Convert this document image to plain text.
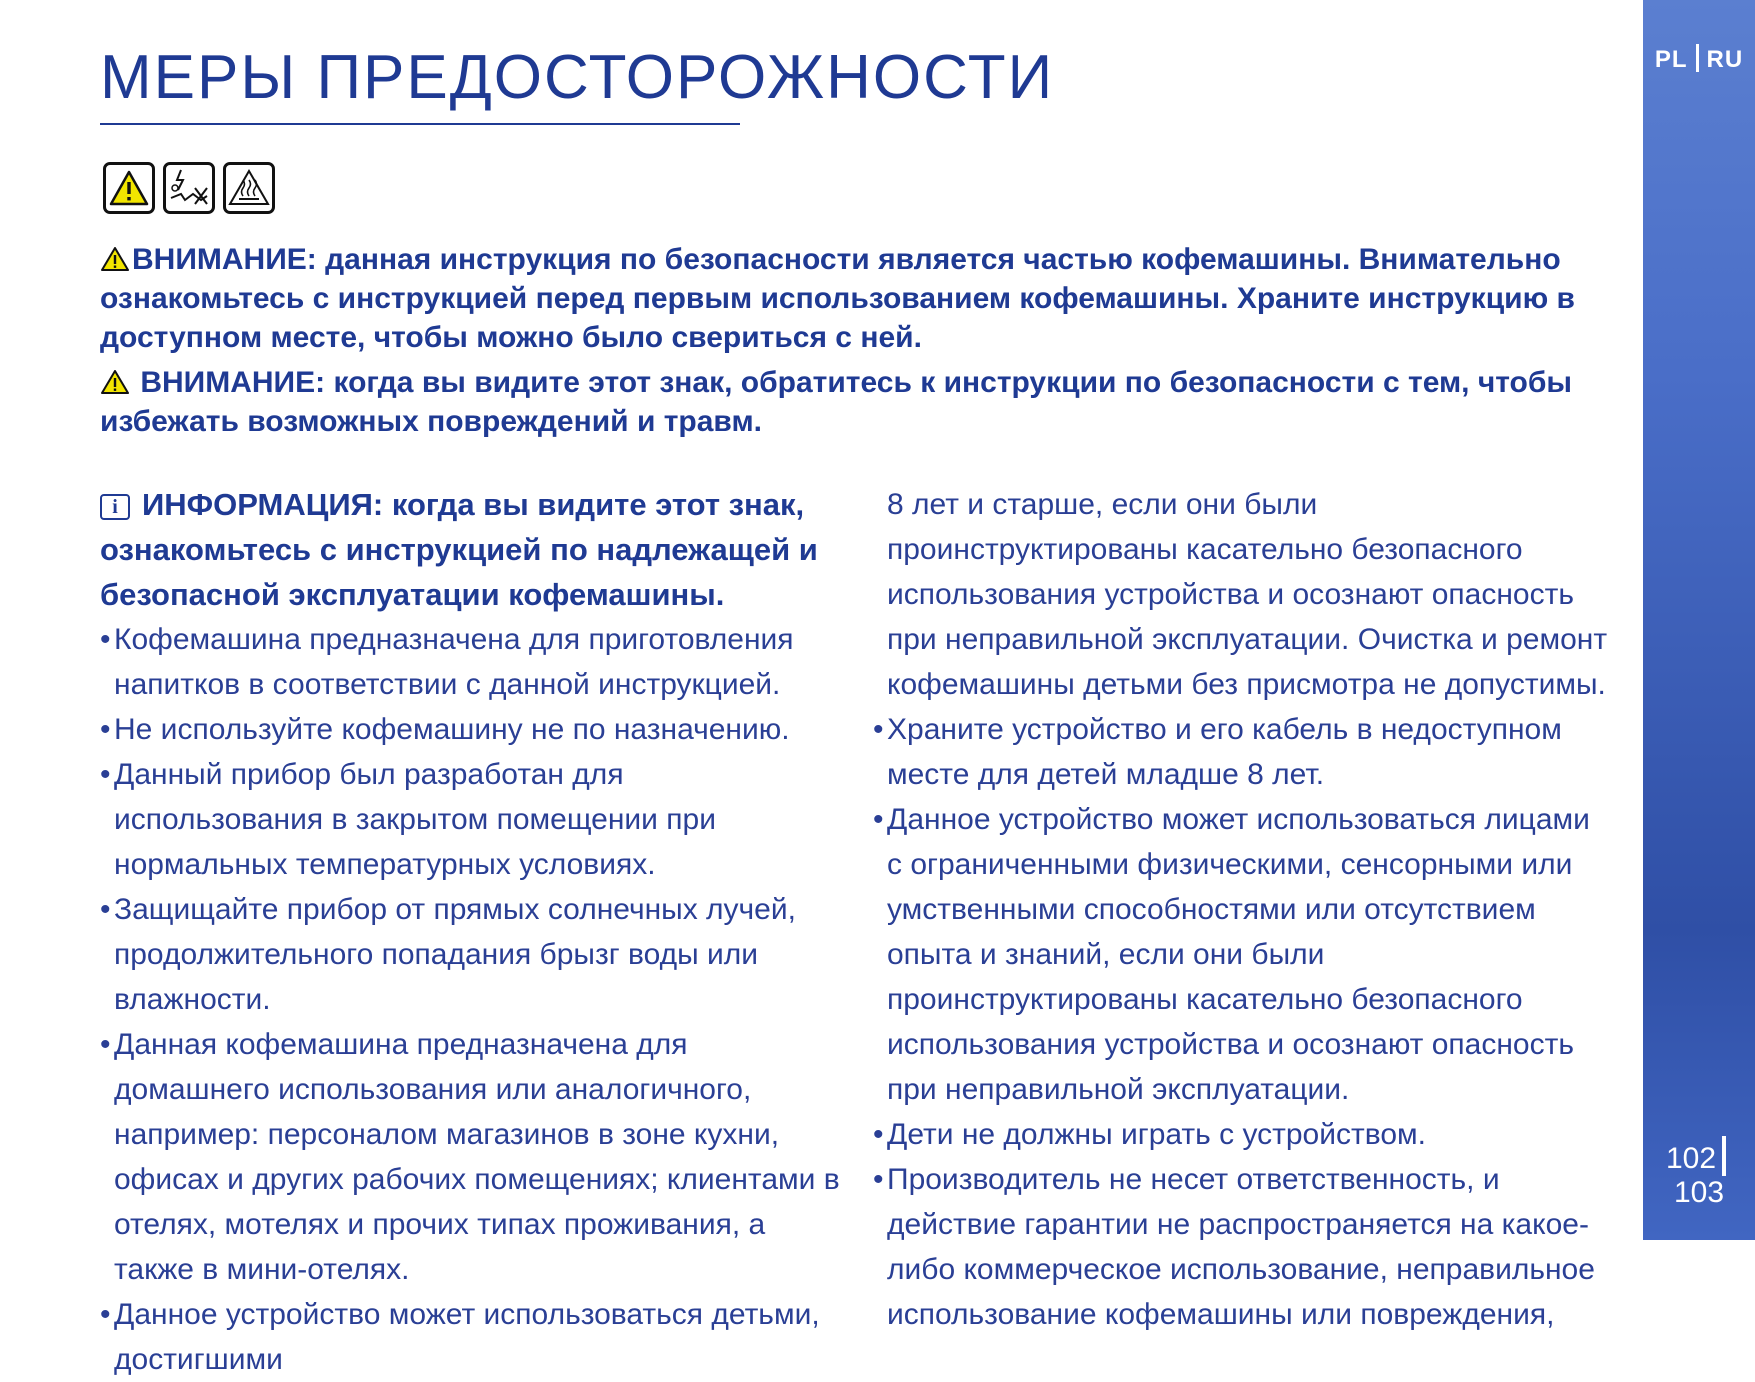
PL RU
102103
МЕРЫ ПРЕДОСТОРОЖНОСТИ
ВНИМАНИЕ: данная инструкция по безопасности является частью кофемашины. Внимательно ознакомьтесь с инструкцией перед первым использованием кофемашины. Храните инструкцию в доступном месте, чтобы можно было свериться с ней.
ВНИМАНИЕ: когда вы видите этот знак, обратитесь к инструкции по безопасности с тем, чтобы избежать возможных повреждений и травм.
i ИНФОРМАЦИЯ: когда вы видите этот знак, ознакомьтесь с инструкцией по надлежащей и безопасной эксплуатации кофемашины.
• Кофемашина предназначена для приготовления напитков в соответствии с данной инструкцией.
• Не используйте кофемашину не по назначению.
• Данный прибор был разработан для использования в закрытом помещении при нормальных температурных условиях.
• Защищайте прибор от прямых солнечных лучей, продолжительного попадания брызг воды или влажности.
• Данная кофемашина предназначена для домашнего использования или аналогичного, например: персоналом магазинов в зоне кухни, офисах и других рабочих помещениях; клиентами в отелях, мотелях и прочих типах проживания, а также в мини-отелях.
• Данное устройство может использоваться детьми, достигшими
8 лет и старше, если они были проинструктированы касательно безопасного использования устройства и осознают опасность при неправильной эксплуатации. Очистка и ремонт кофемашины детьми без присмотра не допустимы.
• Храните устройство и его кабель в недоступном месте для детей младше 8 лет.
• Данное устройство может использоваться лицами с ограниченными физическими, сенсорными или умственными способностями или отсутствием опыта и знаний, если они были проинструктированы касательно безопасного использования устройства и осознают опасность при неправильной эксплуатации.
• Дети не должны играть с устройством.
• Производитель не несет ответственность, и действие гарантии не распространяется на какое-либо коммерческое использование, неправильное использование кофемашины или повреждения,
